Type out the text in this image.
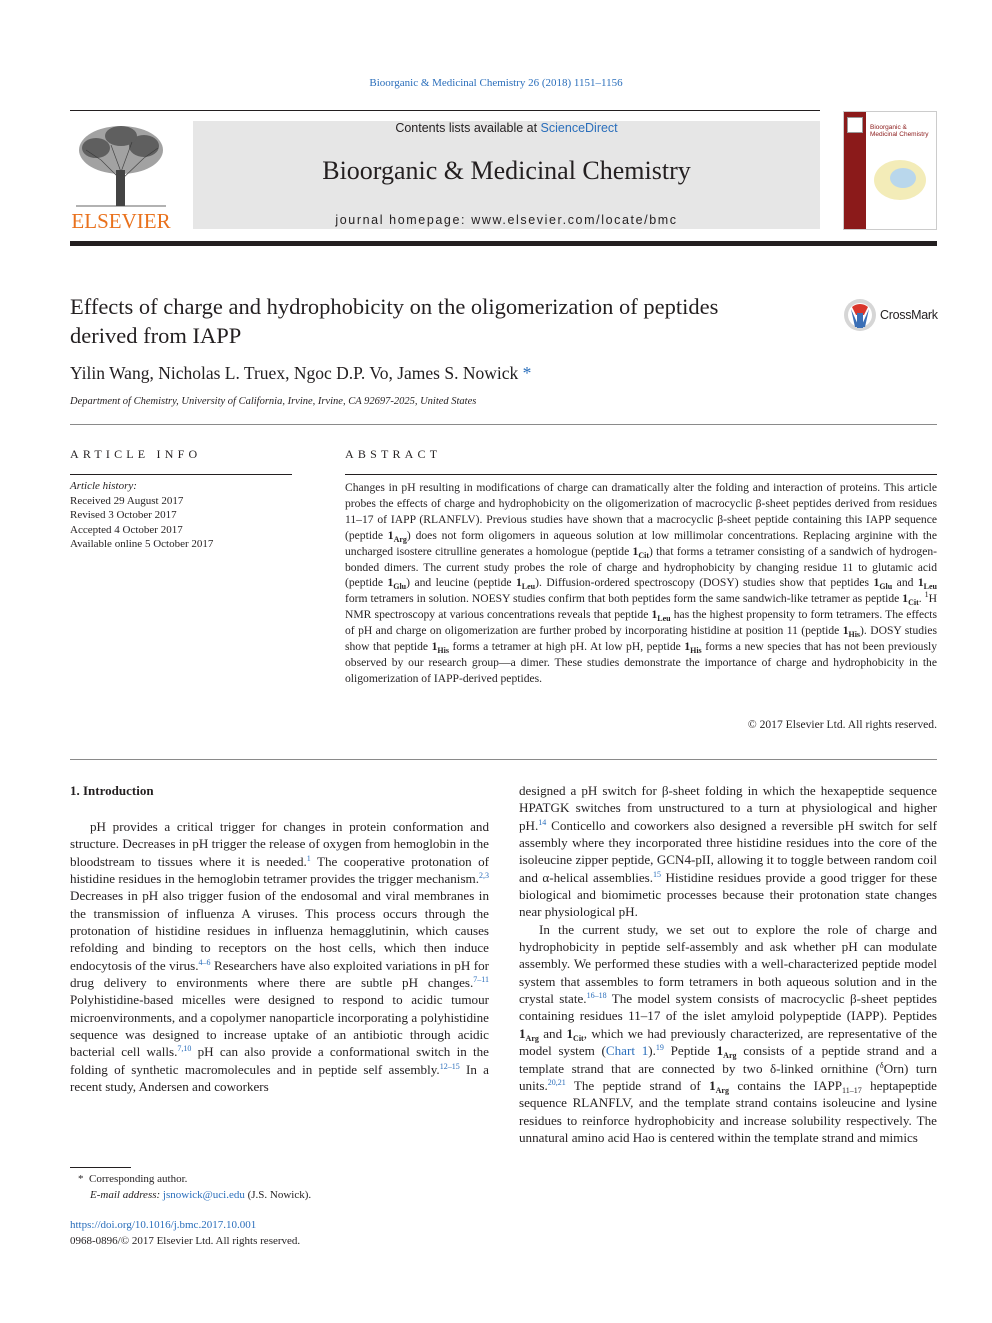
Bioorganic & Medicinal Chemistry 26 (2018) 1151–1156
ELSEVIER
Contents lists available at ScienceDirect
Bioorganic & Medicinal Chemistry
journal homepage: www.elsevier.com/locate/bmc
Bioorganic & Medicinal Chemistry
Effects of charge and hydrophobicity on the oligomerization of peptides
derived from IAPP
CrossMark
Yilin Wang, Nicholas L. Truex, Ngoc D.P. Vo, James S. Nowick *
Department of Chemistry, University of California, Irvine, Irvine, CA 92697-2025, United States
ARTICLE INFO
Article history:
Received 29 August 2017
Revised 3 October 2017
Accepted 4 October 2017
Available online 5 October 2017
ABSTRACT
Changes in pH resulting in modifications of charge can dramatically alter the folding and interaction of proteins. This article probes the effects of charge and hydrophobicity on the oligomerization of macrocyclic β-sheet peptides derived from residues 11–17 of IAPP (RLANFLV). Previous studies have shown that a macrocyclic β-sheet peptide containing this IAPP sequence (peptide $1_{Arg}$) does not form oligomers in aqueous solution at low millimolar concentrations. Replacing arginine with the uncharged isostere citrulline generates a homologue (peptide $1_{Cit}$) that forms a tetramer consisting of a sandwich of hydrogen-bonded dimers. The current study probes the role of charge and hydrophobicity by changing residue 11 to glutamic acid (peptide $1_{Glu}$) and leucine (peptide $1_{Leu}$). Diffusion-ordered spectroscopy (DOSY) studies show that peptides $1_{Glu}$ and $1_{Leu}$ form tetramers in solution. NOESY studies confirm that both peptides form the same sandwich-like tetramer as peptide $1_{Cit}$. $^1$H NMR spectroscopy at various concentrations reveals that peptide $1_{Leu}$ has the highest propensity to form tetramers. The effects of pH and charge on oligomerization are further probed by incorporating histidine at position 11 (peptide $1_{His}$). DOSY studies show that peptide $1_{His}$ forms a tetramer at high pH. At low pH, peptide $1_{His}$ forms a new species that has not been previously observed by our research group—a dimer. These studies demonstrate the importance of charge and hydrophobicity in the oligomerization of IAPP-derived peptides.
© 2017 Elsevier Ltd. All rights reserved.
1. Introduction

pH provides a critical trigger for changes in protein conformation and structure. Decreases in pH trigger the release of oxygen from hemoglobin in the bloodstream to tissues where it is needed.$^1$ The cooperative protonation of histidine residues in the hemoglobin tetramer provides the trigger mechanism.$^{2,3}$ Decreases in pH also trigger fusion of the endosomal and viral membranes in the transmission of influenza A viruses. This process occurs through the protonation of histidine residues in influenza hemagglutinin, which causes refolding and binding to receptors on the host cells, which then induce endocytosis of the virus.$^{4-6}$ Researchers have also exploited variations in pH for drug delivery to environments where there are subtle pH changes.$^{7-11}$ Polyhistidine-based micelles were designed to respond to acidic tumour microenvironments, and a copolymer nanoparticle incorporating a polyhistidine sequence was designed to increase uptake of an antibiotic through acidic bacterial cell walls.$^{7,10}$ pH can also provide a conformational switch in the folding of synthetic macromolecules and in peptide self assembly.$^{12-15}$ In a recent study, Andersen and coworkers

designed a pH switch for β-sheet folding in which the hexapeptide sequence HPATGK switches from unstructured to a turn at physiological and higher pH.$^{14}$ Conticello and coworkers also designed a reversible pH switch for self assembly where they incorporated three histidine residues into the core of the isoleucine zipper peptide, GCN4-pII, allowing it to toggle between random coil and α-helical assemblies.$^{15}$ Histidine residues provide a good trigger for these biological and biomimetic processes because their protonation state changes near physiological pH.

In the current study, we set out to explore the role of charge and hydrophobicity in peptide self-assembly and ask whether pH can modulate assembly. We performed these studies with a well-characterized peptide model system that assembles to form tetramers in both aqueous solution and in the crystal state.$^{16-18}$ The model system consists of macrocyclic β-sheet peptides containing residues 11–17 of the islet amyloid polypeptide (IAPP). Peptides $1_{Arg}$ and $1_{Cit}$, which we had previously characterized, are representative of the model system (Chart 1).$^{19}$ Peptide $1_{Arg}$ consists of a peptide strand and a template strand that are connected by two δ-linked ornithine ($^\delta$Orn) turn units.$^{20,21}$ The peptide strand of $1_{Arg}$ contains the $IAPP_{11-17}$ heptapeptide sequence RLANFLV, and the template strand contains isoleucine and lysine residues to reinforce hydrophobicity and increase solubility respectively. The unnatural amino acid Hao is centered within the template strand and mimics

* Corresponding author.
E-mail address: jsnowick@uci.edu (J.S. Nowick).
https://doi.org/10.1016/j.bmc.2017.10.001
0968-0896/© 2017 Elsevier Ltd. All rights reserved.
